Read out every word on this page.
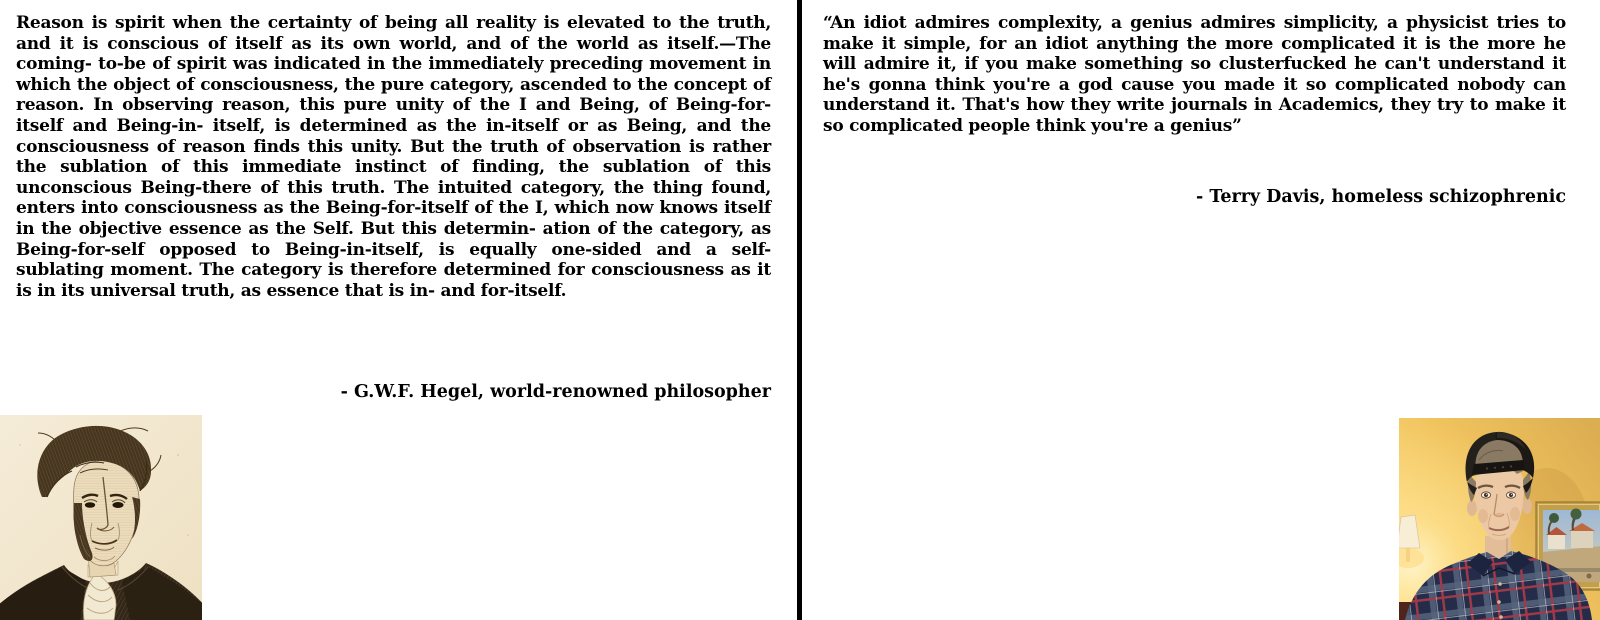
Reason is spirit when the certainty of being all reality is elevated to the truth, and it is conscious of itself as its own world, and of the world as itself.—The coming- to-be of spirit was indicated in the immediately preceding movement in which the object of consciousness, the pure category, ascended to the concept of reason. In observing reason, this pure unity of the I and Being, of Being-for-itself and Being-in- itself, is determined as the in-itself or as Being, and the consciousness of reason finds this unity. But the truth of observation is rather the sublation of this immediate instinct of finding, the sublation of this unconscious Being-there of this truth. The intuited category, the thing found, enters into consciousness as the Being-for-itself of the I, which now knows itself in the objective essence as the Self. But this determin- ation of the category, as Being-for-self opposed to Being-in-itself, is equally one-sided and a self-sublating moment. The category is therefore determined for consciousness as it is in its universal truth, as essence that is in- and for-itself.

- G.W.F. Hegel, world-renowned philosopher

“An idiot admires complexity, a genius admires simplicity, a physicist tries to make it simple, for an idiot anything the more complicated it is the more he will admire it, if you make something so clusterfucked he can't understand it he's gonna think you're a god cause you made it so complicated nobody can understand it. That's how they write journals in Academics, they try to make it so complicated people think you're a genius”

- Terry Davis, homeless schizophrenic
